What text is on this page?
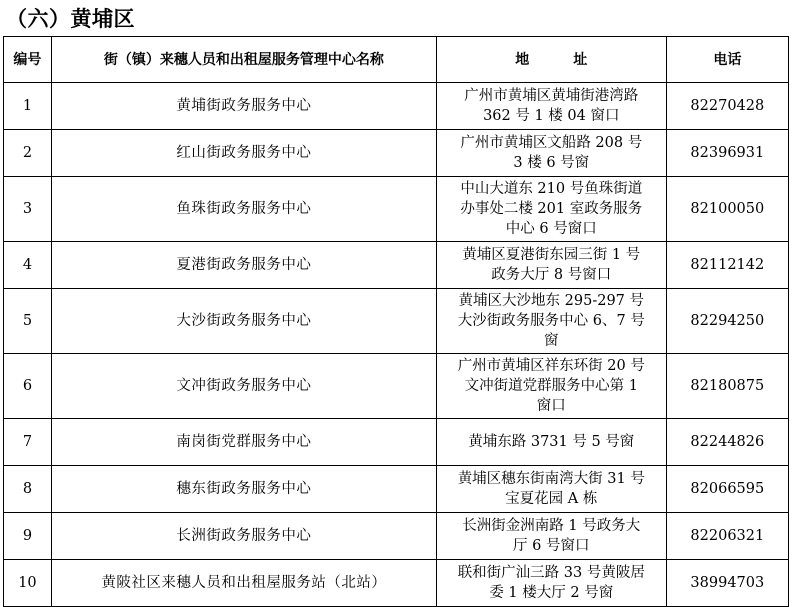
（六）黄埔区
编号	街（镇）来穗人员和出租屋服务管理中心名称	地 址	电话
1	黄埔街政务服务中心	广州市黄埔区黄埔街港湾路
362 号 1 楼 04 窗口	82270428
2	红山街政务服务中心	广州市黄埔区文船路 208 号
3 楼 6 号窗	82396931
3	鱼珠街政务服务中心	中山大道东 210 号鱼珠街道
办事处二楼 201 室政务服务
中心 6 号窗口	82100050
4	夏港街政务服务中心	黄埔区夏港街东园三街 1 号
政务大厅 8 号窗口	82112142
5	大沙街政务服务中心	黄埔区大沙地东 295-297 号
大沙街政务服务中心 6、7 号
窗	82294250
6	文冲街政务服务中心	广州市黄埔区祥东环街 20 号
文冲街道党群服务中心第 1
窗口	82180875
7	南岗街党群服务中心	黄埔东路 3731 号 5 号窗	82244826
8	穗东街政务服务中心	黄埔区穗东街南湾大街 31 号
宝夏花园 A 栋	82066595
9	长洲街政务服务中心	长洲街金洲南路 1 号政务大
厅 6 号窗口	82206321
10	黄陂社区来穗人员和出租屋服务站（北站）	联和街广汕三路 33 号黄陂居
委 1 楼大厅 2 号窗	38994703
